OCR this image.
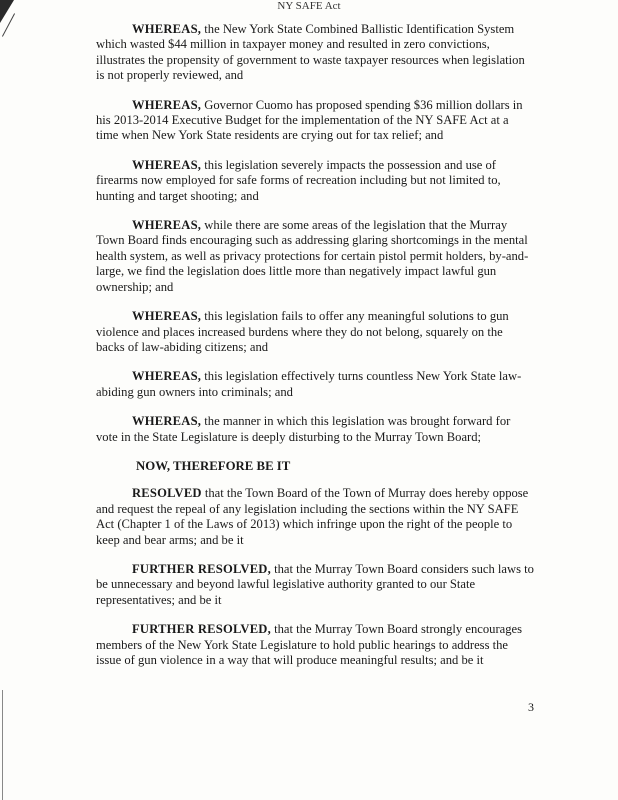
NY SAFE Act

WHEREAS, the New York State Combined Ballistic Identification System which wasted $44 million in taxpayer money and resulted in zero convictions, illustrates the propensity of government to waste taxpayer resources when legislation is not properly reviewed, and

WHEREAS, Governor Cuomo has proposed spending $36 million dollars in his 2013-2014 Executive Budget for the implementation of the NY SAFE Act at a time when New York State residents are crying out for tax relief; and

WHEREAS, this legislation severely impacts the possession and use of firearms now employed for safe forms of recreation including but not limited to, hunting and target shooting; and

WHEREAS, while there are some areas of the legislation that the Murray Town Board finds encouraging such as addressing glaring shortcomings in the mental health system, as well as privacy protections for certain pistol permit holders, by-and-large, we find the legislation does little more than negatively impact lawful gun ownership; and

WHEREAS, this legislation fails to offer any meaningful solutions to gun violence and places increased burdens where they do not belong, squarely on the backs of law-abiding citizens; and

WHEREAS, this legislation effectively turns countless New York State law-abiding gun owners into criminals; and

WHEREAS, the manner in which this legislation was brought forward for vote in the State Legislature is deeply disturbing to the Murray Town Board;

NOW, THEREFORE BE IT

RESOLVED that the Town Board of the Town of Murray does hereby oppose and request the repeal of any legislation including the sections within the NY SAFE Act (Chapter 1 of the Laws of 2013) which infringe upon the right of the people to keep and bear arms; and be it

FURTHER RESOLVED, that the Murray Town Board considers such laws to be unnecessary and beyond lawful legislative authority granted to our State representatives; and be it

FURTHER RESOLVED, that the Murray Town Board strongly encourages members of the New York State Legislature to hold public hearings to address the issue of gun violence in a way that will produce meaningful results; and be it

3
